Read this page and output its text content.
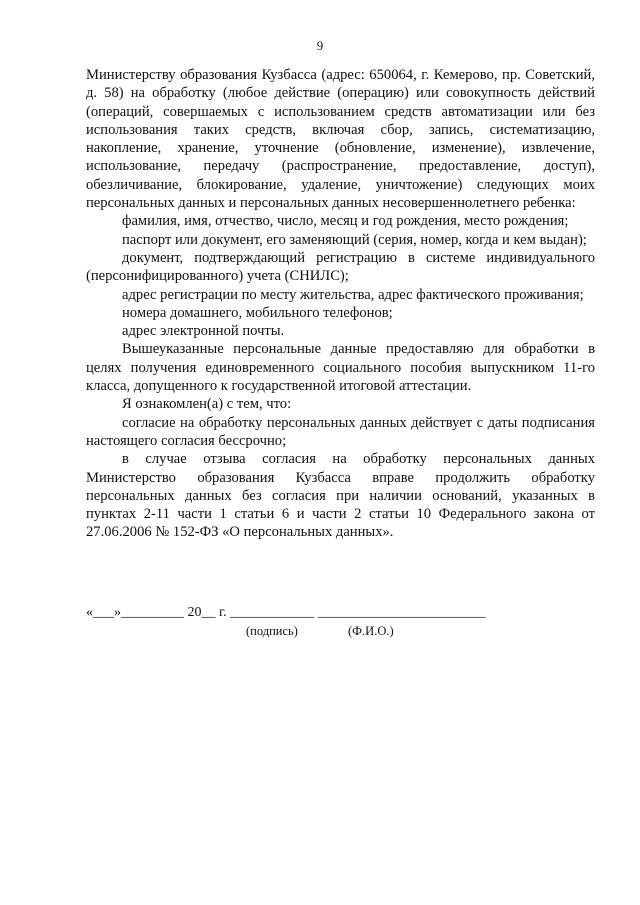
9

Министерству образования Кузбасса (адрес: 650064, г. Кемерово, пр. Советский, д. 58) на обработку (любое действие (операцию) или совокупность действий (операций, совершаемых с использованием средств автоматизации или без использования таких средств, включая сбор, запись, систематизацию, накопление, хранение, уточнение (обновление, изменение), извлечение, использование, передачу (распространение, предоставление, доступ), обезличивание, блокирование, удаление, уничтожение) следующих моих персональных данных и персональных данных несовершеннолетнего ребенка:

фамилия, имя, отчество, число, месяц и год рождения, место рождения;

паспорт или документ, его заменяющий (серия, номер, когда и кем выдан);

документ, подтверждающий регистрацию в системе индивидуального (персонифицированного) учета (СНИЛС);

адрес регистрации по месту жительства, адрес фактического проживания;

номера домашнего, мобильного телефонов;

адрес электронной почты.

Вышеуказанные персональные данные предоставляю для обработки в целях получения единовременного социального пособия выпускником 11-го класса, допущенного к государственной итоговой аттестации.

Я ознакомлен(а) с тем, что:

согласие на обработку персональных данных действует с даты подписания настоящего согласия бессрочно;

в случае отзыва согласия на обработку персональных данных Министерство образования Кузбасса вправе продолжить обработку персональных данных без согласия при наличии оснований, указанных в пунктах 2-11 части 1 статьи 6 и части 2 статьи 10 Федерального закона от 27.06.2006 № 152-ФЗ «О персональных данных».

«___»_________ 20__ г. ____________ ________________________
(подпись)	(Ф.И.О.)
